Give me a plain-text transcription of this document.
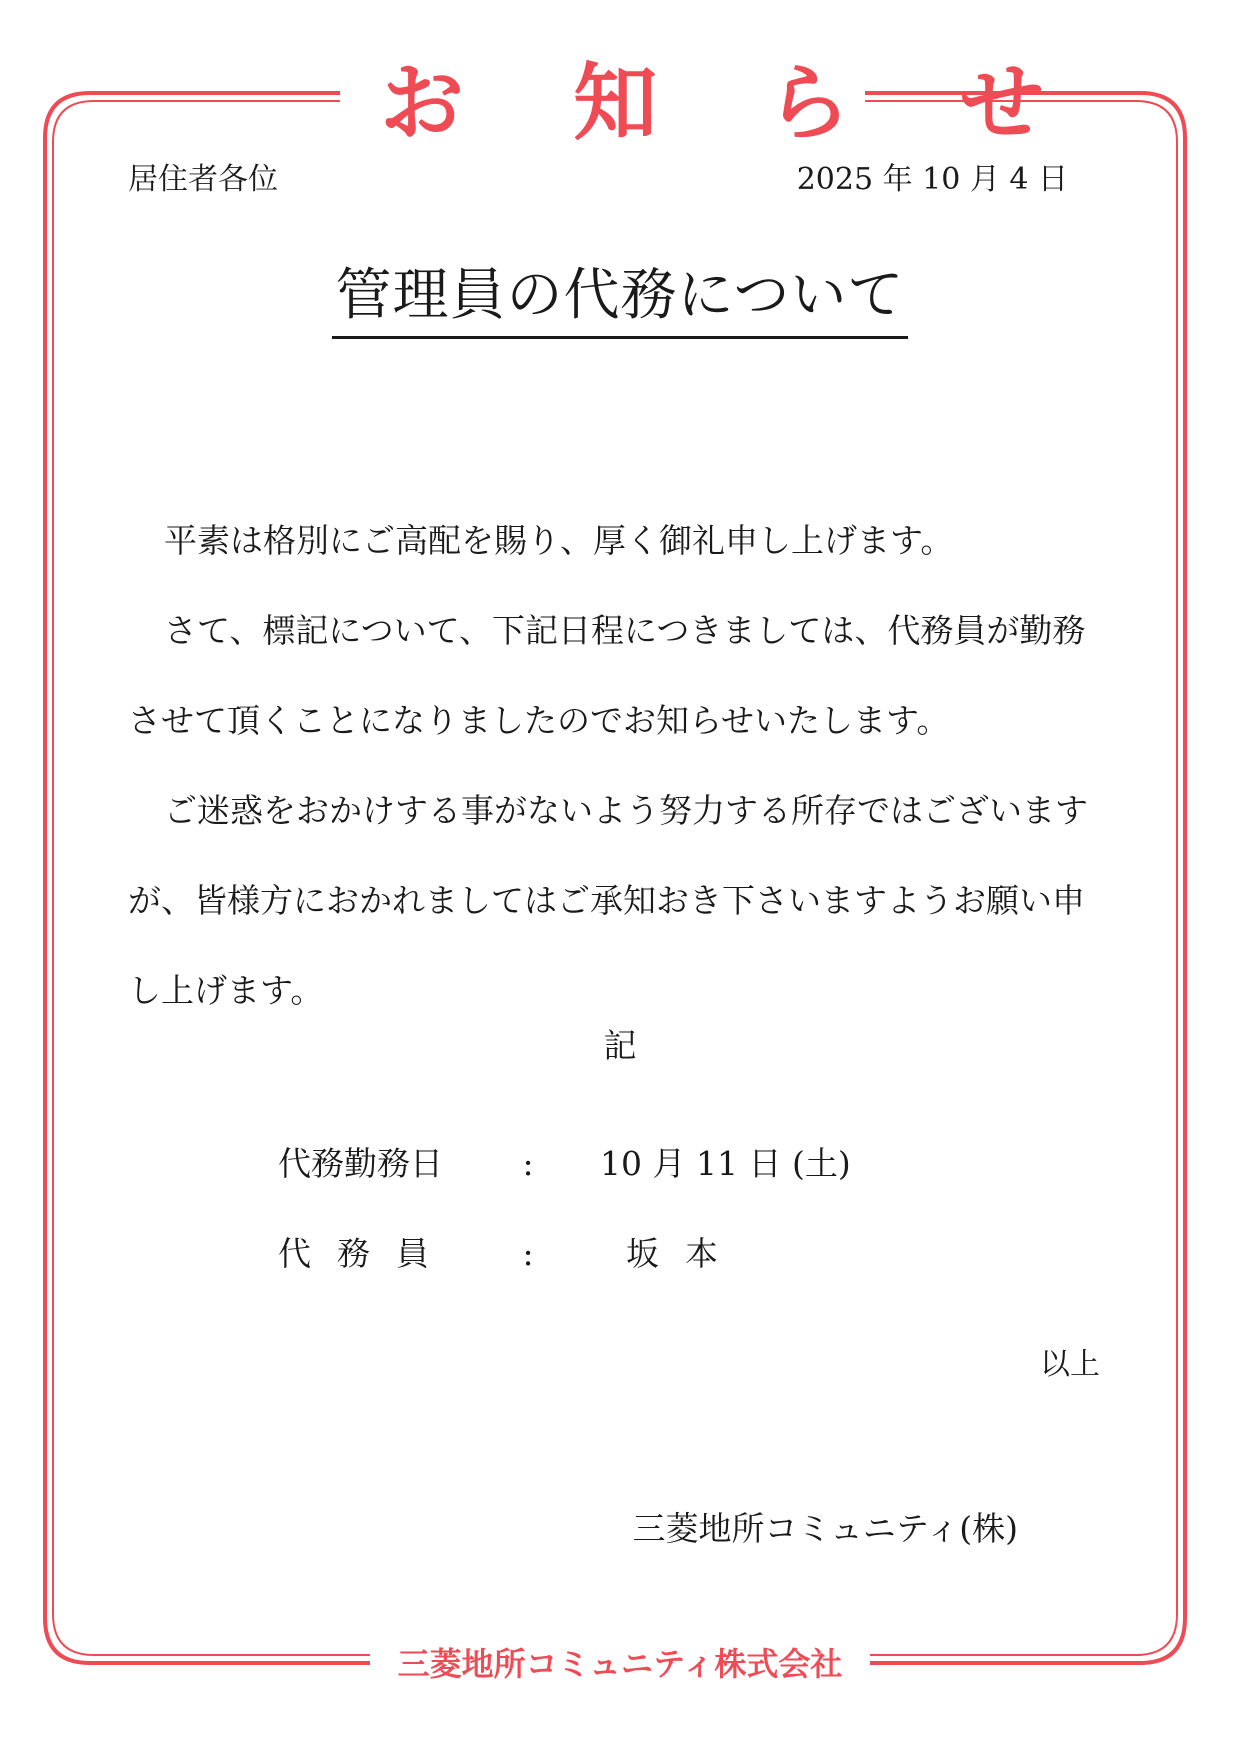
お 知 ら せ
居住者各位	2025 年 10 月 4 日
管理員の代務について

平素は格別にご高配を賜り、厚く御礼申し上げます。

さて、標記について、下記日程につきましては、代務員が勤務させて頂くことになりましたのでお知らせいたします。

ご迷惑をおかけする事がないよう努力する所存ではございますが、皆様方におかれましてはご承知おき下さいますようお願い申し上げます。

記
代務勤務日 : 10 月 11 日 (土)
代務員 :	坂本
以上
三菱地所コミュニティ(株)
三菱地所コミュニティ株式会社
